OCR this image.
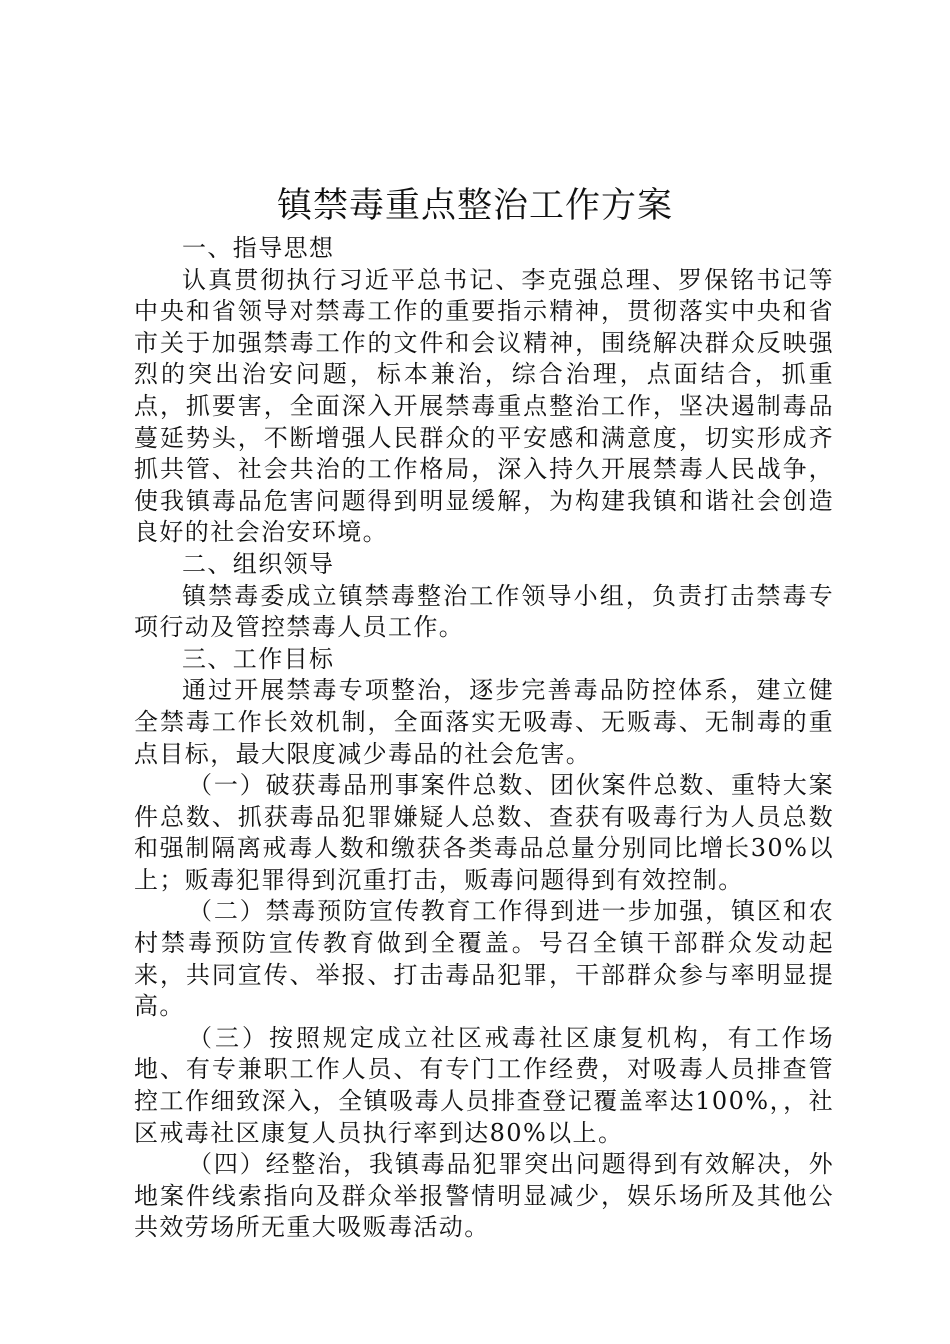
镇禁毒重点整治工作方案

一、指导思想

认真贯彻执行习近平总书记、李克强总理、罗保铭书记等中央和省领导对禁毒工作的重要指示精神，贯彻落实中央和省市关于加强禁毒工作的文件和会议精神，围绕解决群众反映强烈的突出治安问题，标本兼治，综合治理，点面结合，抓重点，抓要害，全面深入开展禁毒重点整治工作，坚决遏制毒品蔓延势头，不断增强人民群众的平安感和满意度，切实形成齐抓共管、社会共治的工作格局，深入持久开展禁毒人民战争，使我镇毒品危害问题得到明显缓解，为构建我镇和谐社会创造良好的社会治安环境。

二、组织领导

镇禁毒委成立镇禁毒整治工作领导小组，负责打击禁毒专项行动及管控禁毒人员工作。

三、工作目标

通过开展禁毒专项整治，逐步完善毒品防控体系，建立健全禁毒工作长效机制，全面落实无吸毒、无贩毒、无制毒的重点目标，最大限度减少毒品的社会危害。

（一）破获毒品刑事案件总数、团伙案件总数、重特大案件总数、抓获毒品犯罪嫌疑人总数、查获有吸毒行为人员总数和强制隔离戒毒人数和缴获各类毒品总量分别同比增长30%以上；贩毒犯罪得到沉重打击，贩毒问题得到有效控制。

（二）禁毒预防宣传教育工作得到进一步加强，镇区和农村禁毒预防宣传教育做到全覆盖。号召全镇干部群众发动起来，共同宣传、举报、打击毒品犯罪，干部群众参与率明显提高。

（三）按照规定成立社区戒毒社区康复机构，有工作场地、有专兼职工作人员、有专门工作经费，对吸毒人员排查管控工作细致深入，全镇吸毒人员排查登记覆盖率达100%，，社区戒毒社区康复人员执行率到达80%以上。

（四）经整治，我镇毒品犯罪突出问题得到有效解决，外地案件线索指向及群众举报警情明显减少，娱乐场所及其他公共效劳场所无重大吸贩毒活动。
